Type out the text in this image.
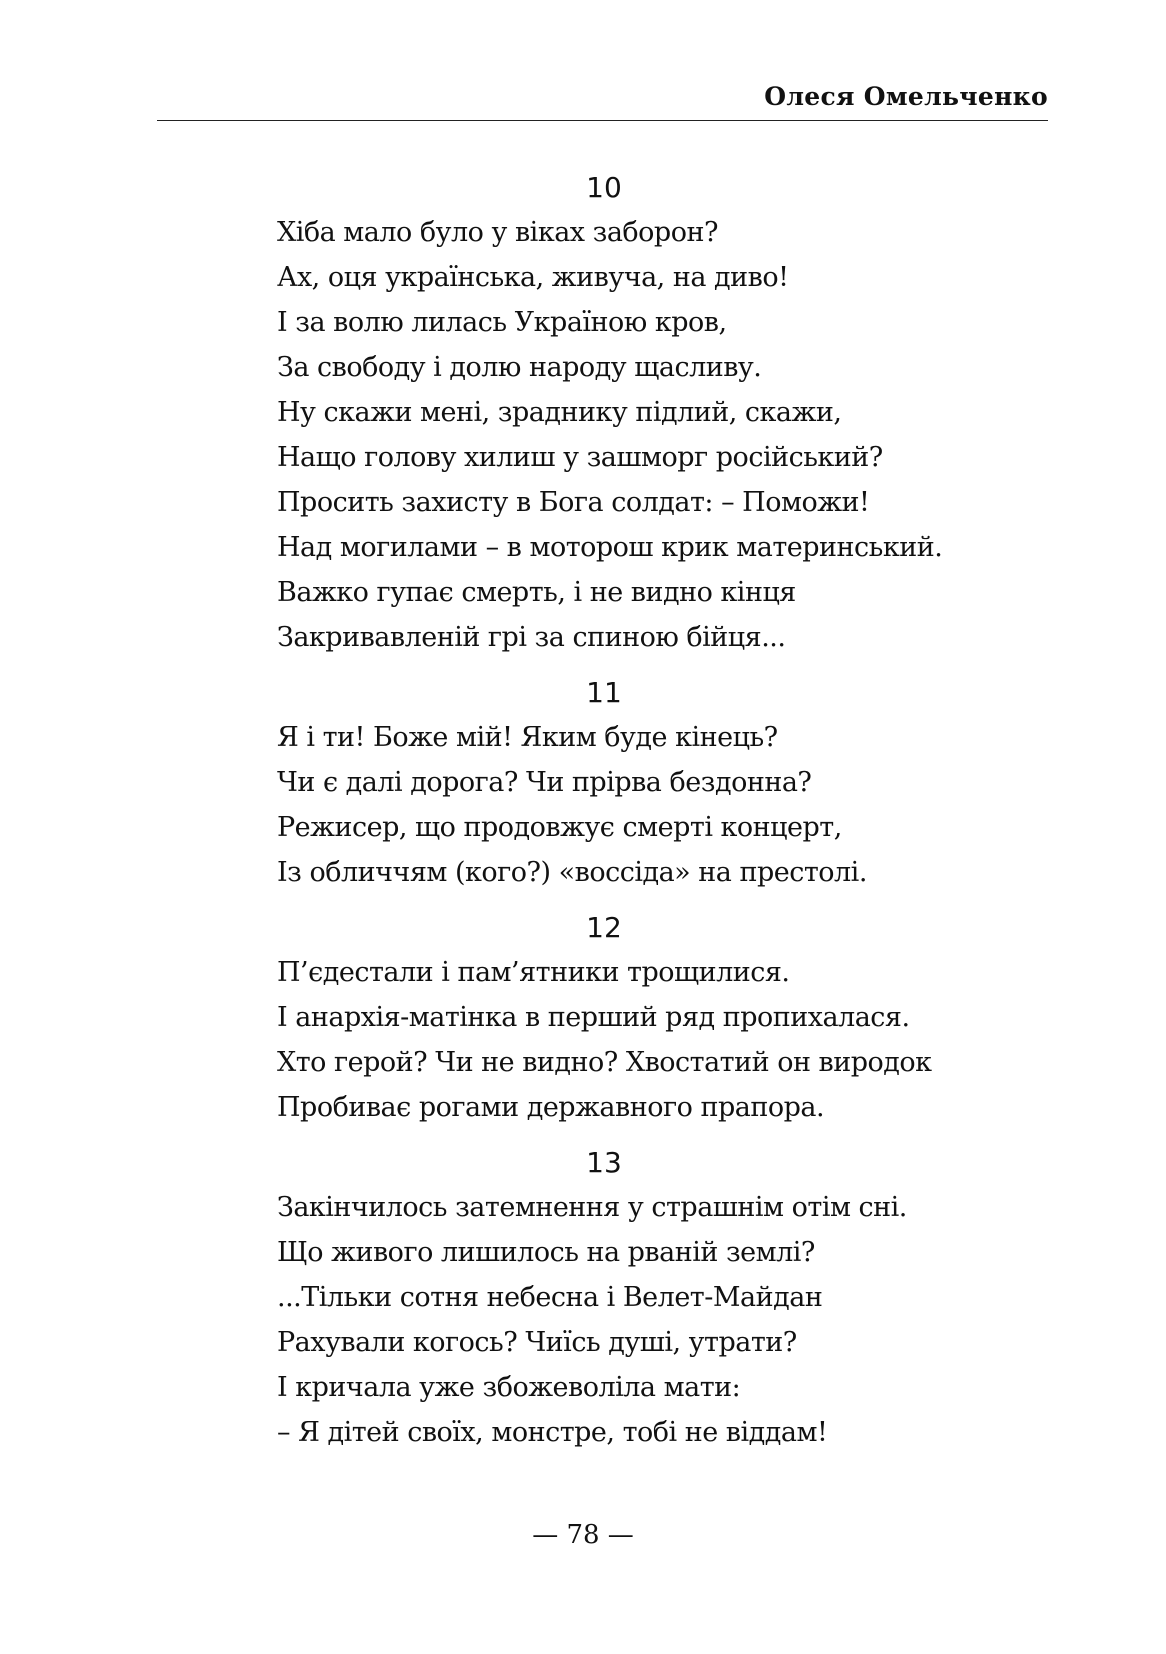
Олеся Омельченко
10
Хіба мало було у віках заборон?
Ах, оця українська, живуча, на диво!
І за волю лилась Україною кров,
За свободу і долю народу щасливу.
Ну скажи мені, зраднику підлий, скажи,
Нащо голову хилиш у зашморг російський?
Просить захисту в Бога солдат: – Поможи!
Над могилами – в моторош крик материнський.
Важко гупає смерть, і не видно кінця
Закривавленій грі за спиною бійця...
11
Я і ти! Боже мій! Яким буде кінець?
Чи є далі дорога? Чи прірва бездонна?
Режисер, що продовжує смерті концерт,
Із обличчям (кого?) «воссіда» на престолі.
12
П’єдестали і пам’ятники трощилися.
І анархія-матінка в перший ряд пропихалася.
Хто герой? Чи не видно? Хвостатий он виродок
Пробиває рогами державного прапора.
13
Закінчилось затемнення у страшнім отім сні.
Що живого лишилось на рваній землі?
...Тільки сотня небесна і Велет-Майдан
Рахували когось? Чиїсь душі, утрати?
І кричала уже збожеволіла мати:
– Я дітей своїх, монстре, тобі не віддам!
— 78 —
